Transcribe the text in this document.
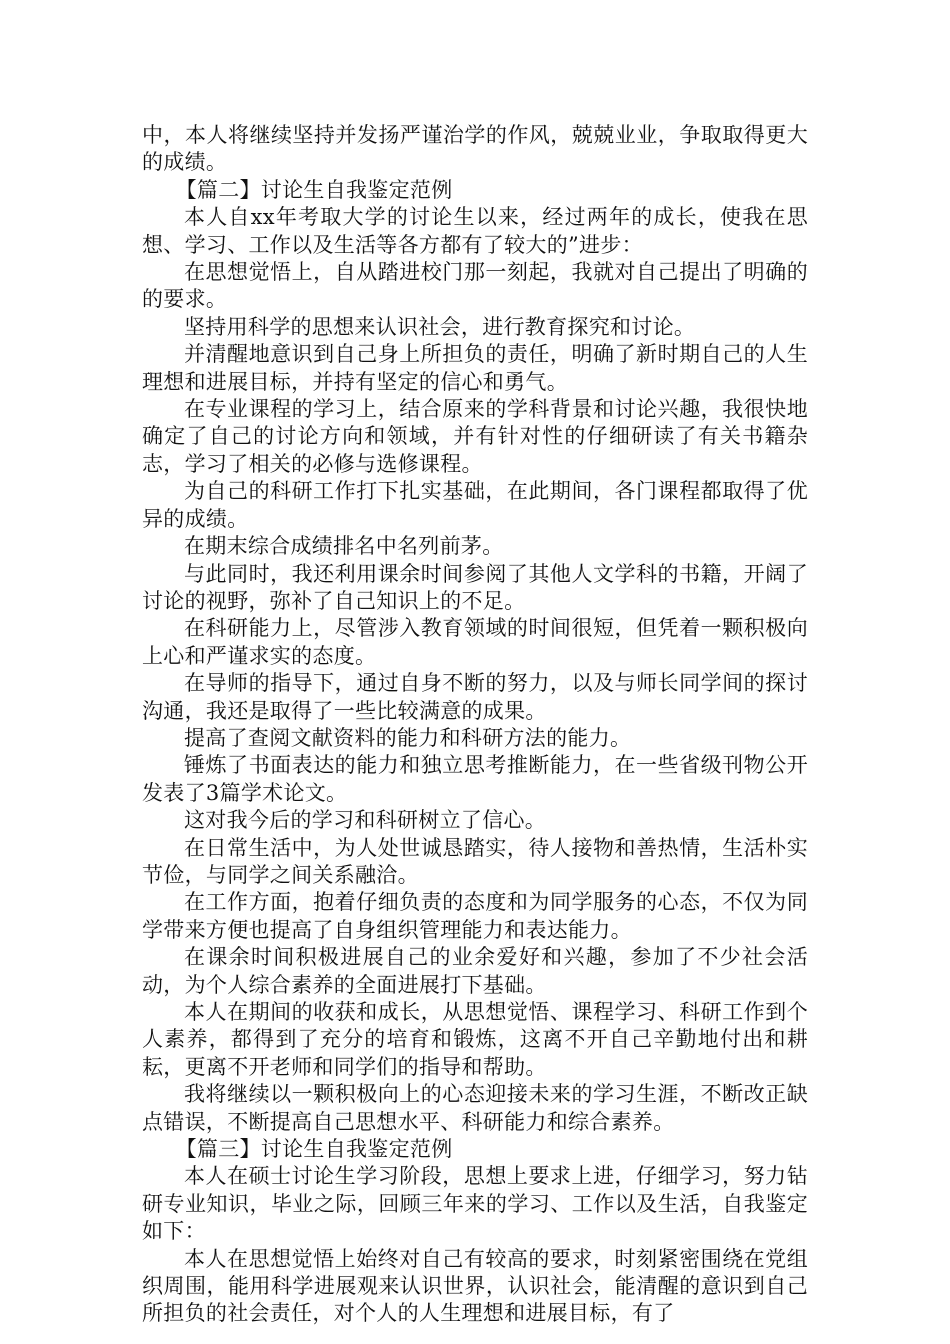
中，本人将继续坚持并发扬严谨治学的作风，兢兢业业，争取取得更大的成绩。

【篇二】讨论生自我鉴定范例

本人自xx年考取大学的讨论生以来，经过两年的成长，使我在思想、学习、工作以及生活等各方都有了较大的”进步：

在思想觉悟上，自从踏进校门那一刻起，我就对自己提出了明确的的要求。

坚持用科学的思想来认识社会，进行教育探究和讨论。

并清醒地意识到自己身上所担负的责任，明确了新时期自己的人生理想和进展目标，并持有坚定的信心和勇气。

在专业课程的学习上，结合原来的学科背景和讨论兴趣，我很快地确定了自己的讨论方向和领域，并有针对性的仔细研读了有关书籍杂志，学习了相关的必修与选修课程。

为自己的科研工作打下扎实基础，在此期间，各门课程都取得了优异的成绩。

在期末综合成绩排名中名列前茅。

与此同时，我还利用课余时间参阅了其他人文学科的书籍，开阔了讨论的视野，弥补了自己知识上的不足。

在科研能力上，尽管涉入教育领域的时间很短，但凭着一颗积极向上心和严谨求实的态度。

在导师的指导下，通过自身不断的努力，以及与师长同学间的探讨沟通，我还是取得了一些比较满意的成果。

提高了查阅文献资料的能力和科研方法的能力。

锤炼了书面表达的能力和独立思考推断能力，在一些省级刊物公开发表了3篇学术论文。

这对我今后的学习和科研树立了信心。

在日常生活中，为人处世诚恳踏实，待人接物和善热情，生活朴实节俭，与同学之间关系融洽。

在工作方面，抱着仔细负责的态度和为同学服务的心态，不仅为同学带来方便也提高了自身组织管理能力和表达能力。

在课余时间积极进展自己的业余爱好和兴趣，参加了不少社会活动，为个人综合素养的全面进展打下基础。

本人在期间的收获和成长，从思想觉悟、课程学习、科研工作到个人素养，都得到了充分的培育和锻炼，这离不开自己辛勤地付出和耕耘，更离不开老师和同学们的指导和帮助。

我将继续以一颗积极向上的心态迎接未来的学习生涯，不断改正缺点错误，不断提高自己思想水平、科研能力和综合素养。

【篇三】讨论生自我鉴定范例

本人在硕士讨论生学习阶段，思想上要求上进，仔细学习，努力钻研专业知识，毕业之际，回顾三年来的学习、工作以及生活，自我鉴定如下：

本人在思想觉悟上始终对自己有较高的要求，时刻紧密围绕在党组织周围，能用科学进展观来认识世界，认识社会，能清醒的意识到自己所担负的社会责任，对个人的人生理想和进展目标，有了
